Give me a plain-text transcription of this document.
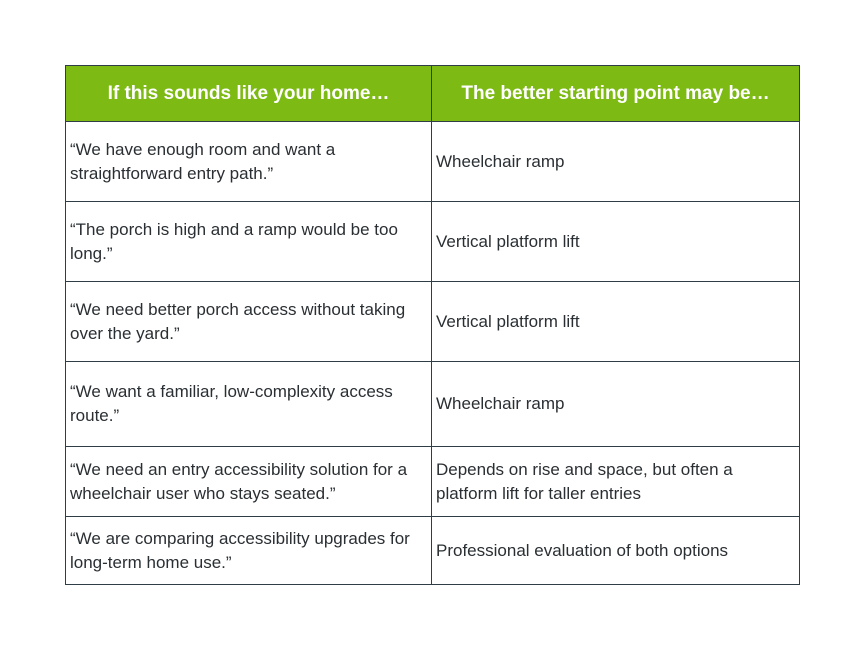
If this sounds like your home…	The better starting point may be…
“We have enough room and want a straightforward entry path.”	Wheelchair ramp
“The porch is high and a ramp would be too long.”	Vertical platform lift
“We need better porch access without taking over the yard.”	Vertical platform lift
“We want a familiar, low-complexity access route.”	Wheelchair ramp
“We need an entry accessibility solution for a wheelchair user who stays seated.”	Depends on rise and space, but often a platform lift for taller entries
“We are comparing accessibility upgrades for long-term home use.”	Professional evaluation of both options
